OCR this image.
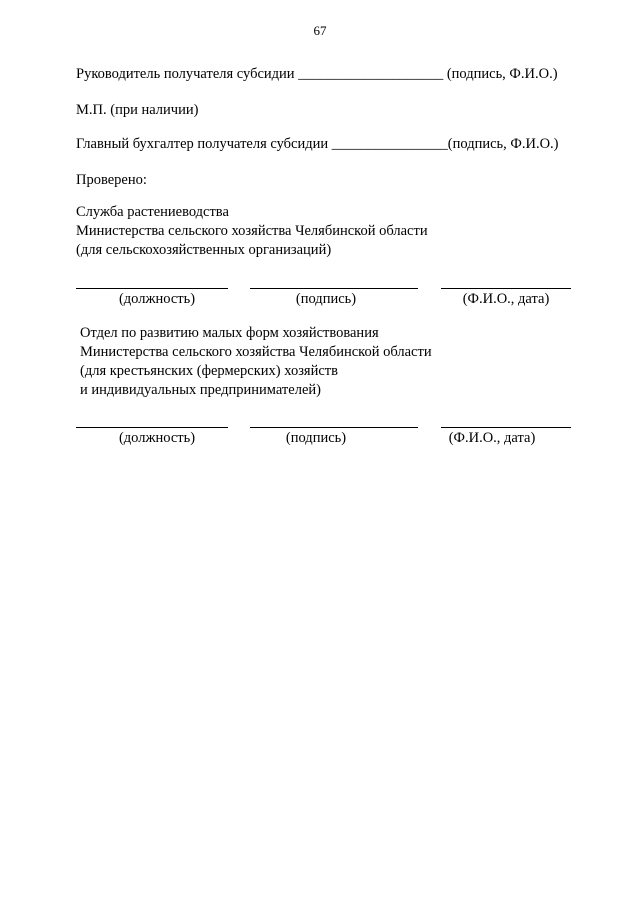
67
Руководитель получателя субсидии ____________________ (подпись, Ф.И.О.)
М.П. (при наличии)
Главный бухгалтер получателя субсидии ________________(подпись, Ф.И.О.)
Проверено:
Служба растениеводства
Министерства сельского хозяйства Челябинской области
(для сельскохозяйственных организаций)
(должность)	(подпись)	(Ф.И.О., дата)
Отдел по развитию малых форм хозяйствования
Министерства сельского хозяйства Челябинской области
(для крестьянских (фермерских) хозяйств
и индивидуальных предпринимателей)
(должность)	(подпись)	(Ф.И.О., дата)
